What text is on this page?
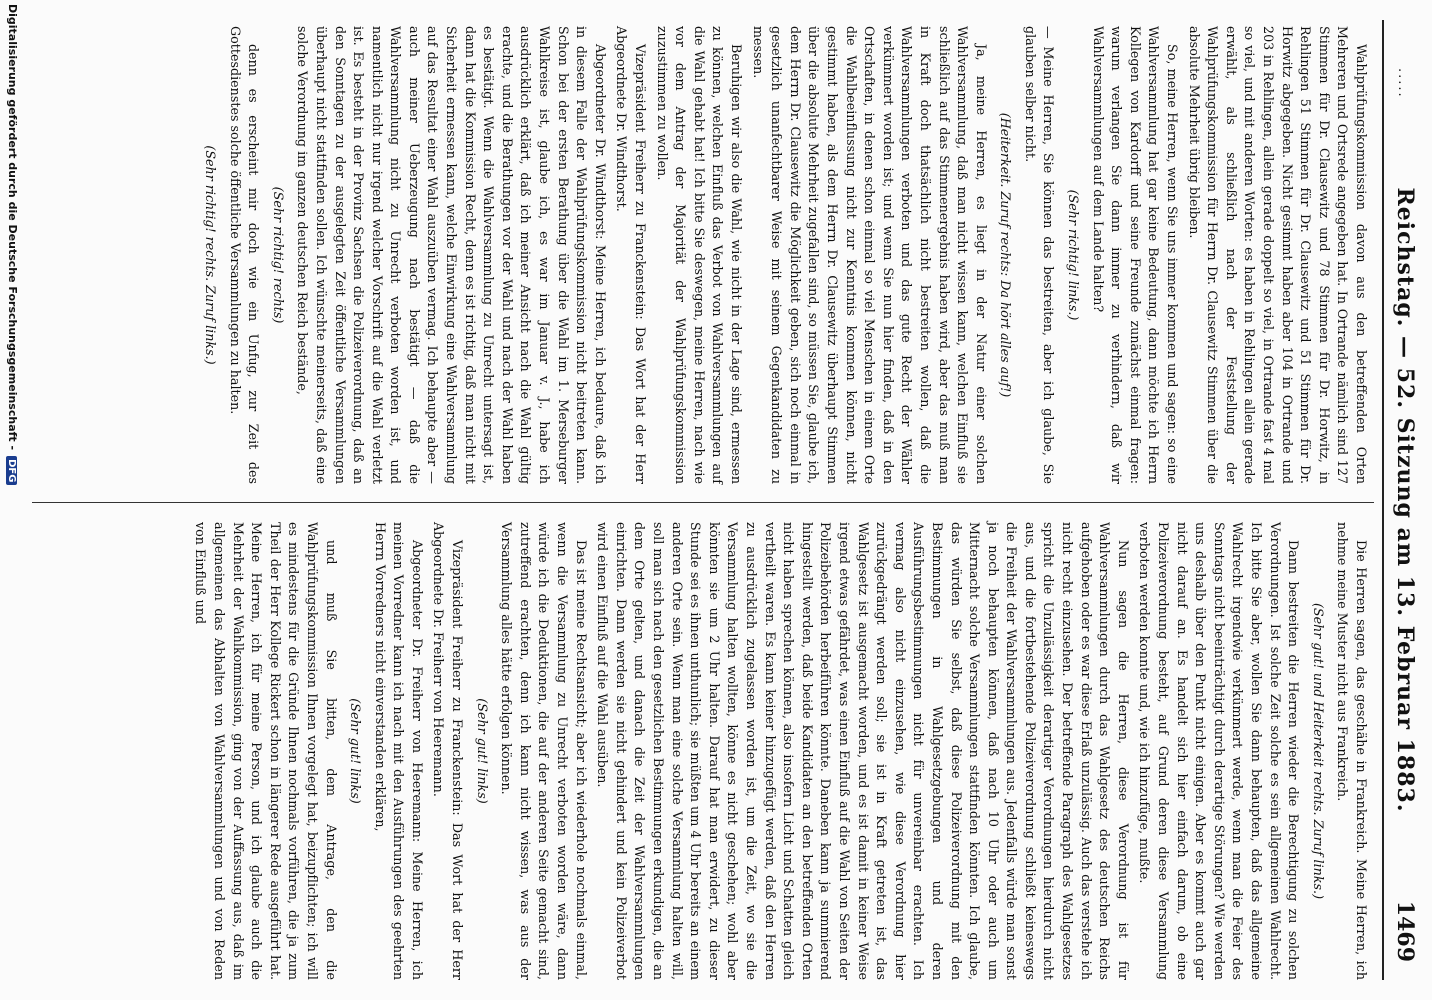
.....
Reichstag. — 52. Sitzung am 13. Februar 1883.
1469

Wahlprüfungskommission davon aus den betreffenden Orten Mehreren und Ortsrede angegeben hat. In Ortrande nämlich sind 127 Stimmen für Dr. Clausewitz und 78 Stimmen für Dr. Horwitz, in Rehlingen 51 Stimmen für Dr. Clausewitz und 51 Stimmen für Dr. Horwitz abgegeben. Nicht gesimmt haben aber 104 in Ortrande und 203 in Rehlingen, allein gerade doppelt so viel, in Ortrande fast 4 mal so viel, und mit anderen Worten: es haben in Rehlingen allein gerade erwählt, als schließlich nach der Feststellung der Wahlprüfungskommission für Herrn Dr. Clausewitz Stimmen über die absolute Mehrheit übrig bleiben.

So, meine Herren, wenn Sie uns immer kommen und sagen: so eine Wahlversammlung hat gar keine Bedeutung, dann möchte ich Herrn Kollegen von Kardorff und seine Freunde zunächst einmal fragen: warum verlangen Sie dann immer zu verhindern, daß wir Wahlversammlungen auf dem Lande halten?

(Sehr richtig! links.)

— Meine Herren, Sie können das bestreiten, aber ich glaube, Sie glauben selber nicht.

(Heiterkeit. Zuruf rechts: Da hört alles auf!)

Ja, meine Herren, es liegt in der Natur einer solchen Wahlversammlung, daß man nicht wissen kann, welchen Einfluß sie schließlich auf das Stimmenergebnis haben wird, aber das muß man in Kraft doch thatsächlich nicht bestreiten wollen, daß die Wahlversammlungen verboten und das gute Recht der Wähler verkümmert worden ist; und wenn Sie nun hier finden, daß in den Ortschaften, in denen schon einmal so viel Menschen in einem Orte die Wahlbeeinflussung nicht zur Kenntnis kommen können, nicht gestimmt haben, als dem Herrn Dr. Clausewitz überhaupt Stimmen über die absolute Mehrheit zugefallen sind, so müssen Sie, glaube ich, dem Herrn Dr. Clausewitz die Möglichkeit geben, sich noch einmal in gesetzlich unanfechtbarer Weise mit seinem Gegenkandidaten zu messen.

Beruhigen wir also die Wahl, wie nicht in der Lage sind, ermessen zu können, welchen Einfluß das Verbot von Wahlversammlungen auf die Wahl gehabt hat! Ich bitte Sie deswegen, meine Herren, nach wie vor dem Antrag der Majorität der Wahlprüfungskommission zuzustimmen zu wollen.

Vizepräsident Freiherr zu Franckenstein: Das Wort hat der Herr Abgeordnete Dr. Windthorst.

Abgeordneter Dr. Windthorst: Meine Herren, ich bedaure, daß ich in diesem Falle der Wahlprüfungskommission nicht beitreten kann. Schon bei der ersten Berathung über die Wahl im 1. Merseburger Wahlkreise ist, glaube ich, es war im Januar v. J., habe ich ausdrücklich erklärt, daß ich meiner Ansicht nach die Wahl gültig erachte, und die Berathungen vor der Wahl und nach der Wahl haben es bestätigt. Wenn die Wahlversammlung zu Unrecht untersagt ist, dann hat die Kommission Recht, denn es ist richtig, daß man nicht mit Sicherheit ermessen kann, welche Einwirkung eine Wahlversammlung auf das Resultat einer Wahl auszuüben vermag. Ich behaupte aber — auch meiner Ueberzeugung nach bestätigt — daß die Wahlversammlung nicht zu Unrecht verboten worden ist, und namentlich nicht nur irgend welcher Vorschrift auf die Wahl verletzt ist. Es besteht in der Provinz Sachsen die Polizeiverordnung, daß an den Sonntagen zu der ausgelegten Zeit öffentliche Versammlungen überhaupt nicht stattfinden sollen. Ich wünschte meinerseits, daß eine solche Verordnung im ganzen deutschen Reich bestände,

(Sehr richtig! rechts)

denn es erscheint mir doch wie ein Unfug, zur Zeit des Gottesdienstes solche öffentliche Versammlungen zu halten.

(Sehr richtig! rechts. Zuruf links.)

Die Herren sagen, das geschähe in Frankreich. Meine Herren, ich nehme meine Muster nicht aus Frankreich.

(Sehr gut! und Heiterkeit rechts. Zuruf links.)

Dann bestreiten die Herren wieder die Berechtigung zu solchen Verordnungen. Ist solche Zeit solche es sein allgemeinen Wahlrecht. Ich bitte Sie aber, wollen Sie dann behaupten, daß das allgemeine Wahlrecht irgendwie verkümmert werde, wenn man die Feier des Sonntags nicht beeinträchtigt durch derartige Störungen? Wie werden uns deshalb über den Punkt nicht einigen. Aber es kommt auch gar nicht darauf an. Es handelt sich hier einfach darum, ob eine Polizeiverordnung besteht, auf Grund deren diese Versammlung verboten werden konnte und, wie ich hinzufüge, mußte.

Nun sagen die Herren, diese Verordnung ist für Wahlversammlungen durch das Wahlgesetz des deutschen Reichs aufgehoben oder es war diese Erlaß unzulässig. Auch das verstehe ich nicht recht einzusehen. Der betreffende Paragraph des Wahlgesetzes spricht die Unzulässigkeit derartiger Verordnungen hierdurch nicht aus, und die fortbestehende Polizeiverordnung schließt keineswegs die Freiheit der Wahlversammlungen aus. Jedenfalls würde man sonst ja noch behaupten können, daß nach 10 Uhr oder auch um Mitternacht solche Versammlungen stattfinden könnten. Ich glaube, das würden Sie selbst, daß diese Polizeiverordnung mit den Bestimmungen in Wahlgesetzgebungen und deren Ausführungsbestimmungen nicht für unvereinbar erachten. Ich vermag also nicht einzusehen, wie diese Verordnung hier zurückgedrängt werden soll; sie ist in Kraft getreten ist, das Wahlgesetz ist ausgemacht worden, und es ist damit in keiner Weise irgend etwas gefährdet, was einen Einfluß auf die Wahl von Seiten der Polizeibehörden herbeiführen könnte. Daneben kann ja summierend hingestellt werden, daß beide Kandidaten an den betreffenden Orten nicht haben sprechen können, also insofern Licht und Schatten gleich vertheilt waren. Es kann keiner hinzugefügt werden, daß den Herren zu ausdrücklich zugelassen worden ist, um die Zeit, wo sie die Versammlung halten wollten, könne es nicht geschehen; wohl aber könnten sie um 2 Uhr halten. Darauf hat man erwidert, zu dieser Stunde sei es ihnen unthunlich; sie müßten um 4 Uhr bereits an einem anderen Orte sein. Wenn man eine solche Versammlung halten will, soll man sich nach den gesetzlichen Bestimmungen erkundigen, die an dem Orte gelten, und danach die Zeit der Wahlversammlungen einrichten. Dann werden sie nicht gehindert und kein Polizeiverbot wird einen Einfluß auf die Wahl ausüben.

Das ist meine Rechtsansicht; aber ich wiederhole nochmals einmal, wenn die Versammlung zu Unrecht verboten worden wäre, dann würde ich die Deduktionen, die auf der anderen Seite gemacht sind, zutreffend erachten, denn ich kann nicht wissen, was aus der Versammlung alles hätte erfolgen können.

(Sehr gut! links)

Vizepräsident Freiherr zu Franckenstein: Das Wort hat der Herr Abgeordnete Dr. Freiherr von Heeremann.

Abgeordneter Dr. Freiherr von Heeremann: Meine Herren, ich meinen Vorredner kann ich nach mit den Ausführungen des geehrten Herrn Vorredners nicht einverstanden erklären,

(Sehr gut! links)

und muß Sie bitten, dem Antrage, den die Wahlprüfungskommission Ihnen vorgelegt hat, beizupflichten; ich will es mindestens für die Gründe Ihnen nochmals vorführen, die ja zum Theil der Herr Kollege Rickert schon in längerer Rede ausgeführt hat. Meine Herren, ich für meine Person, und ich glaube auch die Mehrheit der Wahlkommission, ging von der Auffassung aus, daß im allgemeinen das Abhalten von Wahlversammlungen und von Reden von Einfluß und

Digitalisierung gefördert durch die Deutsche Forschungsgemeinschaft -DFG
